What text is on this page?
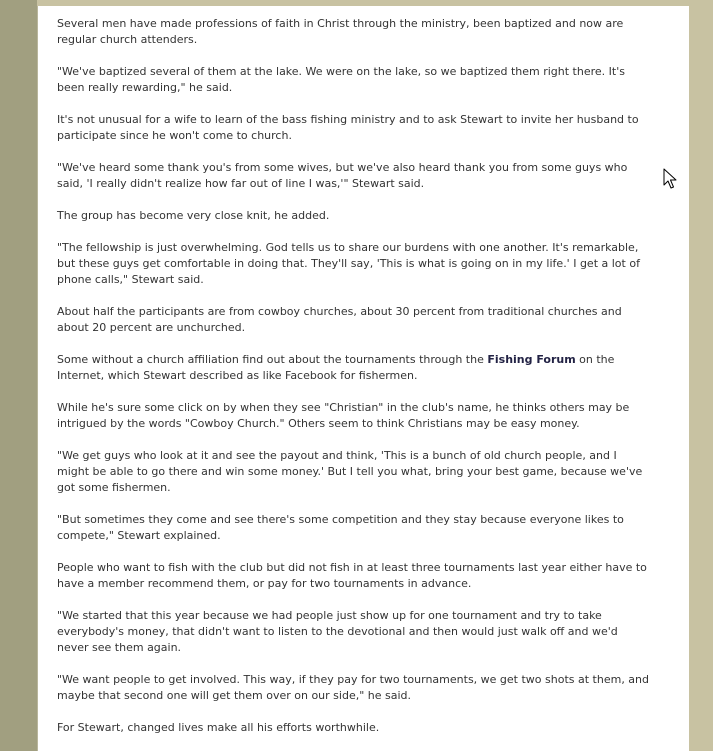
Several men have made professions of faith in Christ through the ministry, been baptized and now are
regular church attenders.

"We've baptized several of them at the lake. We were on the lake, so we baptized them right there. It's
been really rewarding," he said.

It's not unusual for a wife to learn of the bass fishing ministry and to ask Stewart to invite her husband to
participate since he won't come to church.

"We've heard some thank you's from some wives, but we've also heard thank you from some guys who
said, 'I really didn't realize how far out of line I was,'" Stewart said.

The group has become very close knit, he added.

"The fellowship is just overwhelming. God tells us to share our burdens with one another. It's remarkable,
but these guys get comfortable in doing that. They'll say, 'This is what is going on in my life.' I get a lot of
phone calls," Stewart said.

About half the participants are from cowboy churches, about 30 percent from traditional churches and
about 20 percent are unchurched.

Some without a church affiliation find out about the tournaments through the Fishing Forum on the
Internet, which Stewart described as like Facebook for fishermen.

While he's sure some click on by when they see "Christian" in the club's name, he thinks others may be
intrigued by the words "Cowboy Church." Others seem to think Christians may be easy money.

"We get guys who look at it and see the payout and think, 'This is a bunch of old church people, and I
might be able to go there and win some money.' But I tell you what, bring your best game, because we've
got some fishermen.

"But sometimes they come and see there's some competition and they stay because everyone likes to
compete," Stewart explained.

People who want to fish with the club but did not fish in at least three tournaments last year either have to
have a member recommend them, or pay for two tournaments in advance.

"We started that this year because we had people just show up for one tournament and try to take
everybody's money, that didn't want to listen to the devotional and then would just walk off and we'd
never see them again.

"We want people to get involved. This way, if they pay for two tournaments, we get two shots at them, and
maybe that second one will get them over on our side," he said.

For Stewart, changed lives make all his efforts worthwhile.
